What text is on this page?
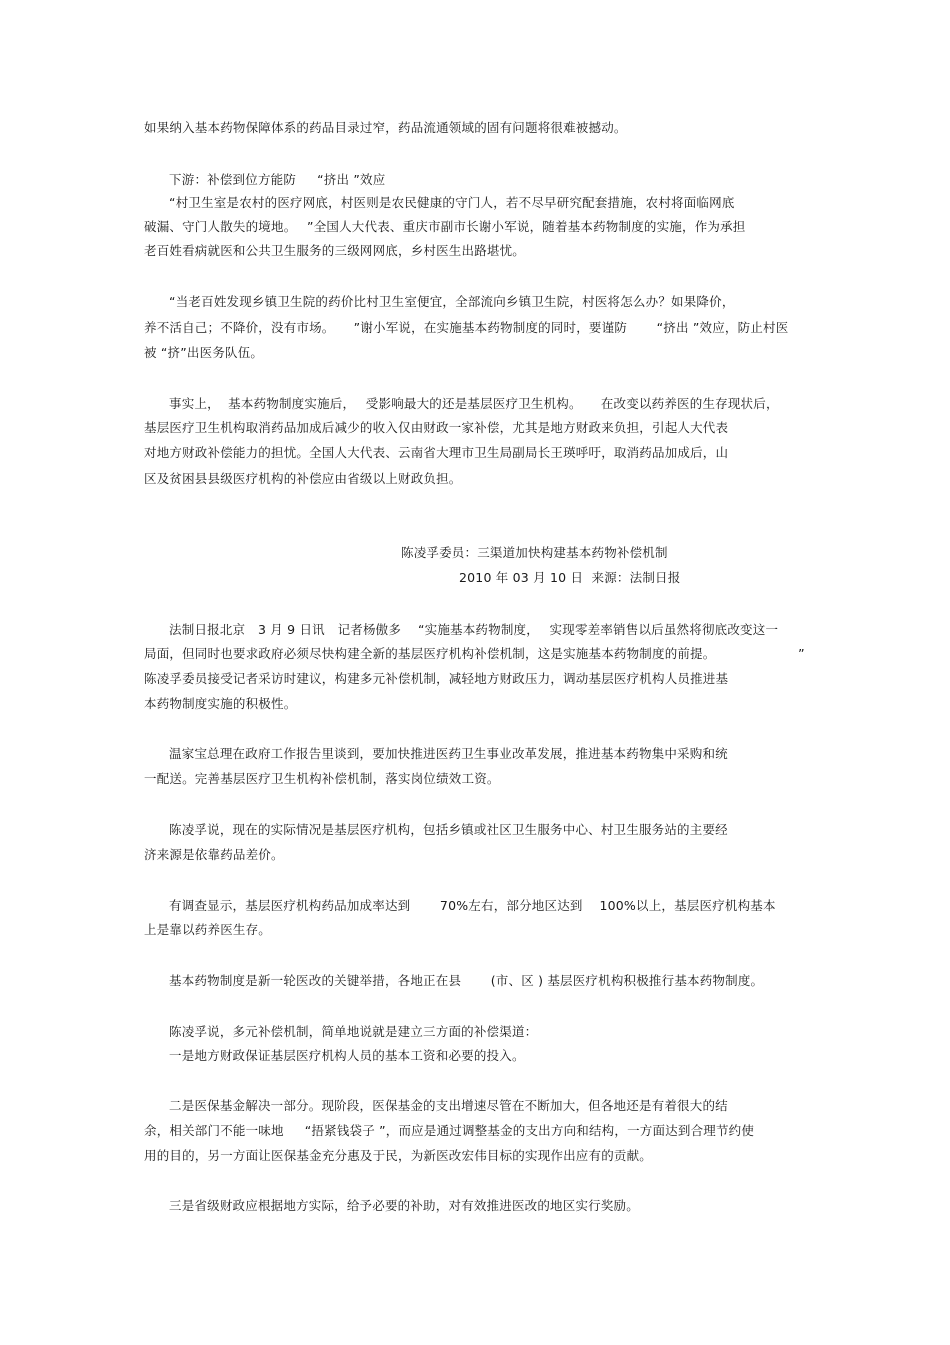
如果纳入基本药物保障体系的药品目录过窄，药品流通领域的固有问题将很难被撼动。
下游：补偿到位方能防　  “挤出 ”效应
“村卫生室是农村的医疗网底，村医则是农民健康的守门人，若不尽早研究配套措施，农村将面临网底
破漏、守门人散失的境地。　 ”全国人大代表、重庆市副市长谢小军说，随着基本药物制度的实施，作为承担
老百姓看病就医和公共卫生服务的三级网网底，乡村医生出路堪忧。
“当老百姓发现乡镇卫生院的药价比村卫生室便宜，全部流向乡镇卫生院，村医将怎么办？如果降价，
养不活自己；不降价，没有市场。　　”谢小军说，在实施基本药物制度的同时，要谨防　　 “挤出 ”效应，防止村医
被 “挤”出医务队伍。
事实上，  基本药物制度实施后，　 受影响最大的还是基层医疗卫生机构。　　在改变以药养医的生存现状后，
基层医疗卫生机构取消药品加成后减少的收入仅由财政一家补偿，尤其是地方财政来负担，引起人大代表
对地方财政补偿能力的担忧。全国人大代表、云南省大理市卫生局副局长王瑛呼吁，取消药品加成后，山
区及贫困县县级医疗机构的补偿应由省级以上财政负担。
陈凌孚委员：三渠道加快构建基本药物补偿机制
2010 年 03 月 10 日  来源：法制日报
法制日报北京　3 月 9 日讯　记者杨傲多　 “实施基本药物制度，　 实现零差率销售以后虽然将彻底改变这一
局面，但同时也要求政府必须尽快构建全新的基层医疗机构补偿机制，这是实施基本药物制度的前提。　　　　　　　”
陈凌孚委员接受记者采访时建议，构建多元补偿机制，减轻地方财政压力，调动基层医疗机构人员推进基
本药物制度实施的积极性。
温家宝总理在政府工作报告里谈到，要加快推进医药卫生事业改革发展，推进基本药物集中采购和统
一配送。完善基层医疗卫生机构补偿机制，落实岗位绩效工资。
陈凌孚说，现在的实际情况是基层医疗机构，包括乡镇或社区卫生服务中心、村卫生服务站的主要经
济来源是依靠药品差价。
有调查显示，基层医疗机构药品加成率达到　　 70%左右，部分地区达到　 100%以上，基层医疗机构基本
上是靠以药养医生存。
基本药物制度是新一轮医改的关键举措，各地正在县　　 (市、区 ) 基层医疗机构积极推行基本药物制度。
陈凌孚说，多元补偿机制，简单地说就是建立三方面的补偿渠道：
一是地方财政保证基层医疗机构人员的基本工资和必要的投入。
二是医保基金解决一部分。现阶段，医保基金的支出增速尽管在不断加大，但各地还是有着很大的结
余，相关部门不能一味地　  “捂紧钱袋子 ”，而应是通过调整基金的支出方向和结构，一方面达到合理节约使
用的目的，另一方面让医保基金充分惠及于民，为新医改宏伟目标的实现作出应有的贡献。
三是省级财政应根据地方实际，给予必要的补助，对有效推进医改的地区实行奖励。
